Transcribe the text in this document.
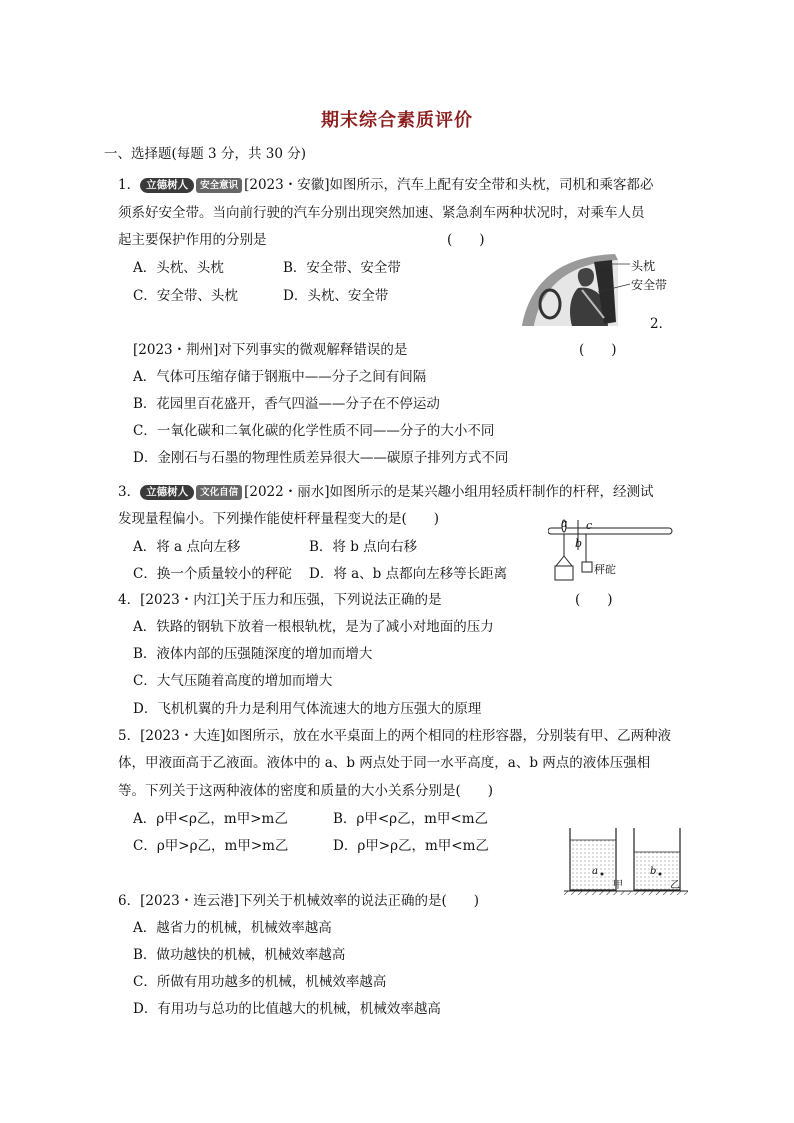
期末综合素质评价
一、选择题(每题 3 分，共 30 分)
1． 立德树人 安全意识 [2023・安徽]如图所示，汽车上配有安全带和头枕，司机和乘客都必
须系好安全带。当向前行驶的汽车分别出现突然加速、紧急刹车两种状况时，对乘车人员
起主要保护作用的分别是	(　　)
A．头枕、头枕	B．安全带、安全带
C．安全带、头枕	D．头枕、安全带
头枕
安全带
2．
[2023・荆州]对下列事实的微观解释错误的是	(　　)
A．气体可压缩存储于钢瓶中——分子之间有间隔
B．花园里百花盛开，香气四溢——分子在不停运动
C．一氧化碳和二氧化碳的化学性质不同——分子的大小不同
D．金刚石与石墨的物理性质差异很大——碳原子排列方式不同
3． 立德树人 文化自信 [2022・丽水]如图所示的是某兴趣小组用轻质杆制作的杆秤，经测试
发现量程偏小。下列操作能使杆秤量程变大的是(　　)
A．将 a 点向左移	B．将 b 点向右移
C．换一个质量较小的秤砣 D．将 a、b 点都向左移等长距离
a
b
c
秤砣
4．[2023・内江]关于压力和压强，下列说法正确的是	(　　)
A．铁路的钢轨下放着一根根轨枕，是为了减小对地面的压力
B．液体内部的压强随深度的增加而增大
C．大气压随着高度的增加而增大
D．飞机机翼的升力是利用气体流速大的地方压强大的原理
5．[2023・大连]如图所示，放在水平桌面上的两个相同的柱形容器，分别装有甲、乙两种液
体，甲液面高于乙液面。液体中的 a、b 两点处于同一水平高度，a、b 两点的液体压强相
等。下列关于这两种液体的密度和质量的大小关系分别是(　　)
A．ρ甲<ρ乙，m甲>m乙	B．ρ甲<ρ乙，m甲<m乙
C．ρ甲>ρ乙，m甲>m乙	D．ρ甲>ρ乙，m甲<m乙
a	b
甲	乙
6．[2023・连云港]下列关于机械效率的说法正确的是(　　)
A．越省力的机械，机械效率越高
B．做功越快的机械，机械效率越高
C．所做有用功越多的机械，机械效率越高
D．有用功与总功的比值越大的机械，机械效率越高
